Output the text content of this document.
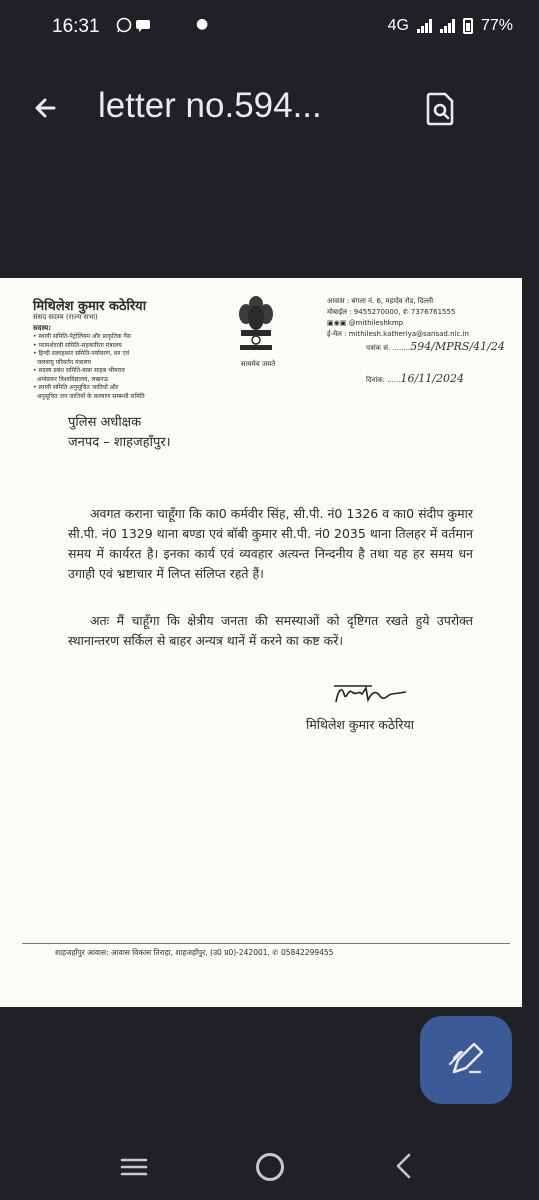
16:31	●	4G	77%
letter no.594...
मिथिलेश कुमार कठेरिया
संसद सदस्य (राज्य सभा)
सदस्य:
• स्थायी समिति-पेट्रोलियम और प्राकृतिक गैस
• परामर्शदात्री समिति-सहकारिता मंत्रालय
• हिन्दी सलाहकार समिति-पर्यावरण, वन एवं
जलवायु परिवर्तन मंत्रालय
• सदस्य प्रबंध समिति-बाबा साहब भीमराव
अम्बेडकर विश्वविद्यालय, लखनऊ
• स्थायी समिति अनुसूचित जातियों और
अनुसूचित जन जातियों के कल्याण सम्बन्धी समिति
सत्यमेव जयते
आवास : बंगला नं. 6, महादेव रोड, दिल्ली
मोबाईल : 9455270000, ✆ 7376761555
▣◉▣ @mithileshkmp
ई-मेल : mithilesh.katheriya@sansad.nic.in
पत्रांक सं. ........594/MPRS/41/24
दिनांक: ......16/11/2024
पुलिस अधीक्षक
जनपद – शाहजहाँपुर।
अवगत कराना चाहूँगा कि का0 कर्मवीर सिंह, सी.पी. नं0 1326 व का0 संदीप कुमार सी.पी. नं0 1329 थाना बण्डा एवं बॉबी कुमार सी.पी. नं0 2035 थाना तिलहर में वर्तमान समय में कार्यरत है। इनका कार्य एवं व्यवहार अत्यन्त निन्दनीय है तथा यह हर समय धन उगाही एवं भ्रष्टाचार में लिप्त संलिप्त रहते हैं।
अतः मैं चाहूँगा कि क्षेत्रीय जनता की समस्याओं को दृष्टिगत रखते हुये उपरोक्त स्थानान्तरण सर्किल से बाहर अन्यत्र थानें में करने का कष्ट करें।
मिथिलेश कुमार कठेरिया
शाहजहाँपुर आवास: आवास विकास तिराहा, शाहजहाँपुर, (उ0 प्र0)-242001, ✆ 05842299455
